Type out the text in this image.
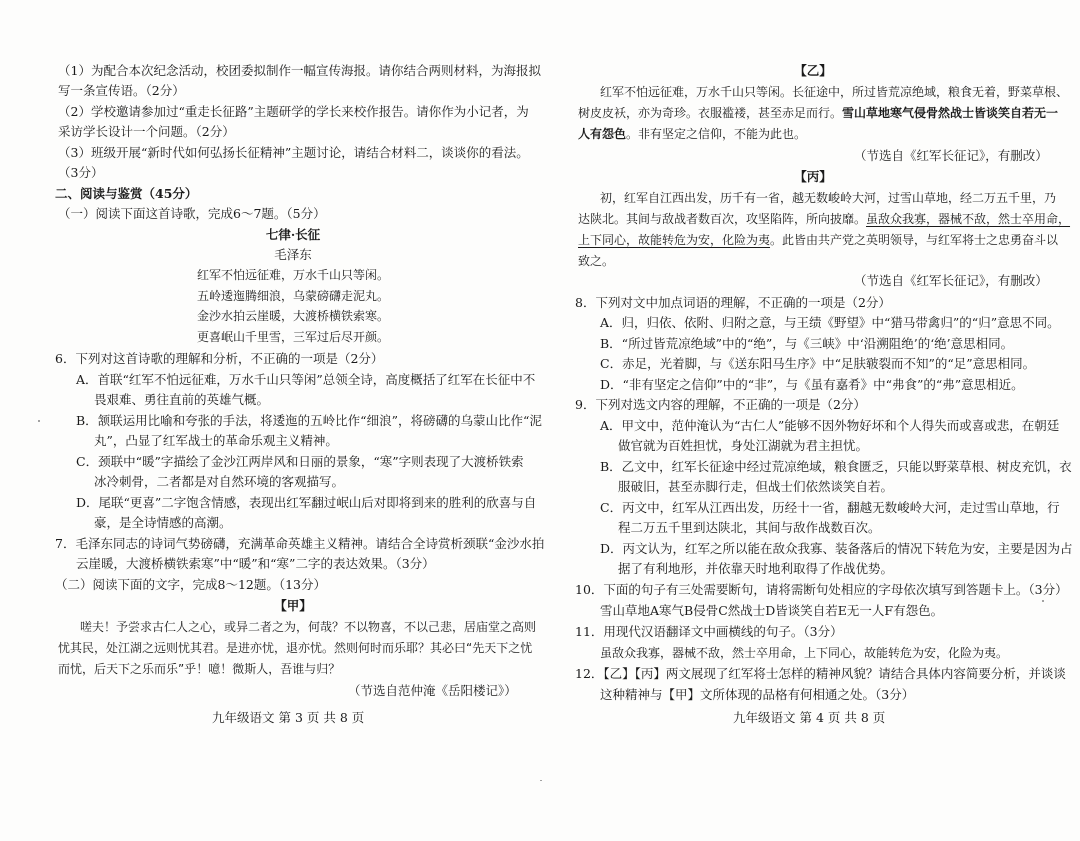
（1）为配合本次纪念活动，校团委拟制作一幅宣传海报。请你结合两则材料，为海报拟
写一条宣传语。（2分）
（2）学校邀请参加过“重走长征路”主题研学的学长来校作报告。请你作为小记者，为
采访学长设计一个问题。（2分）
（3）班级开展“新时代如何弘扬长征精神”主题讨论，请结合材料二，谈谈你的看法。
（3分）
二、阅读与鉴赏（45分）
（一）阅读下面这首诗歌，完成6～7题。（5分）
七律·长征
毛泽东
红军不怕远征难，万水千山只等闲。
五岭逶迤腾细浪，乌蒙磅礴走泥丸。
金沙水拍云崖暖，大渡桥横铁索寒。
更喜岷山千里雪，三军过后尽开颜。
6．下列对这首诗歌的理解和分析，不正确的一项是（2分）
A．首联“红军不怕远征难，万水千山只等闲”总领全诗，高度概括了红军在长征中不
畏艰难、勇往直前的英雄气概。
B．颔联运用比喻和夸张的手法，将逶迤的五岭比作“细浪”，将磅礴的乌蒙山比作“泥
丸”，凸显了红军战士的革命乐观主义精神。
C．颈联中“暖”字描绘了金沙江两岸风和日丽的景象，“寒”字则表现了大渡桥铁索
冰冷刺骨，二者都是对自然环境的客观描写。
D．尾联“更喜”二字饱含情感，表现出红军翻过岷山后对即将到来的胜利的欣喜与自
豪，是全诗情感的高潮。
7．毛泽东同志的诗词气势磅礴，充满革命英雄主义精神。请结合全诗赏析颈联“金沙水拍
云崖暖，大渡桥横铁索寒”中“暖”和“寒”二字的表达效果。（3分）
（二）阅读下面的文字，完成8～12题。（13分）
【甲】
嗟夫！予尝求古仁人之心，或异二者之为，何哉？不以物喜，不以己悲，居庙堂之高则
忧其民，处江湖之远则忧其君。是进亦忧，退亦忧。然则何时而乐耶？其必曰“先天下之忧
而忧，后天下之乐而乐”乎！噫！微斯人，吾谁与归？
（节选自范仲淹《岳阳楼记》）
九年级语文 第 3 页 共 8 页
【乙】
红军不怕远征难，万水千山只等闲。长征途中，所过皆荒凉绝域，粮食无着，野菜草根、
树皮皮袄，亦为奇珍。衣服褴褛，甚至赤足而行。雪山草地寒气侵骨然战士皆谈笑自若无一
人有怨色。非有坚定之信仰，不能为此也。
（节选自《红军长征记》，有删改）
【丙】
初，红军自江西出发，历千有一省，越无数峻岭大河，过雪山草地，经二万五千里，乃
达陕北。其间与敌战者数百次，攻坚陷阵，所向披靡。虽敌众我寡，器械不敌，然士卒用命，
上下同心，故能转危为安，化险为夷。此皆由共产党之英明领导，与红军将士之忠勇奋斗以
致之。
（节选自《红军长征记》，有删改）
8．下列对文中加点词语的理解，不正确的一项是（2分）
A．归，归依、依附、归附之意，与王绩《野望》中“猎马带禽归”的“归”意思不同。
B．“所过皆荒凉绝域”中的“绝”，与《三峡》中‘沿溯阻绝’的‘绝’意思相同。
C．赤足，光着脚，与《送东阳马生序》中“足肤皲裂而不知”的“足”意思相同。
D．“非有坚定之信仰”中的“非”，与《虽有嘉肴》中“弗食”的“弗”意思相近。
9．下列对选文内容的理解，不正确的一项是（2分）
A．甲文中，范仲淹认为“古仁人”能够不因外物好坏和个人得失而或喜或悲，在朝廷
做官就为百姓担忧，身处江湖就为君主担忧。
B．乙文中，红军长征途中经过荒凉绝域，粮食匮乏，只能以野菜草根、树皮充饥，衣
服破旧，甚至赤脚行走，但战士们依然谈笑自若。
C．丙文中，红军从江西出发，历经十一省，翻越无数峻岭大河，走过雪山草地，行
程二万五千里到达陕北，其间与敌作战数百次。
D．丙文认为，红军之所以能在敌众我寡、装备落后的情况下转危为安，主要是因为占
据了有利地形，并依靠天时地利取得了作战优势。
10．下面的句子有三处需要断句，请将需断句处相应的字母依次填写到答题卡上。（3分）
雪山草地A寒气B侵骨C然战士D皆谈笑自若E无一人F有怨色。
11．用现代汉语翻译文中画横线的句子。（3分）
虽敌众我寡，器械不敌，然士卒用命，上下同心，故能转危为安，化险为夷。
12．【乙】【丙】两文展现了红军将士怎样的精神风貌？请结合具体内容简要分析，并谈谈
这种精神与【甲】文所体现的品格有何相通之处。（3分）
九年级语文 第 4 页 共 8 页
